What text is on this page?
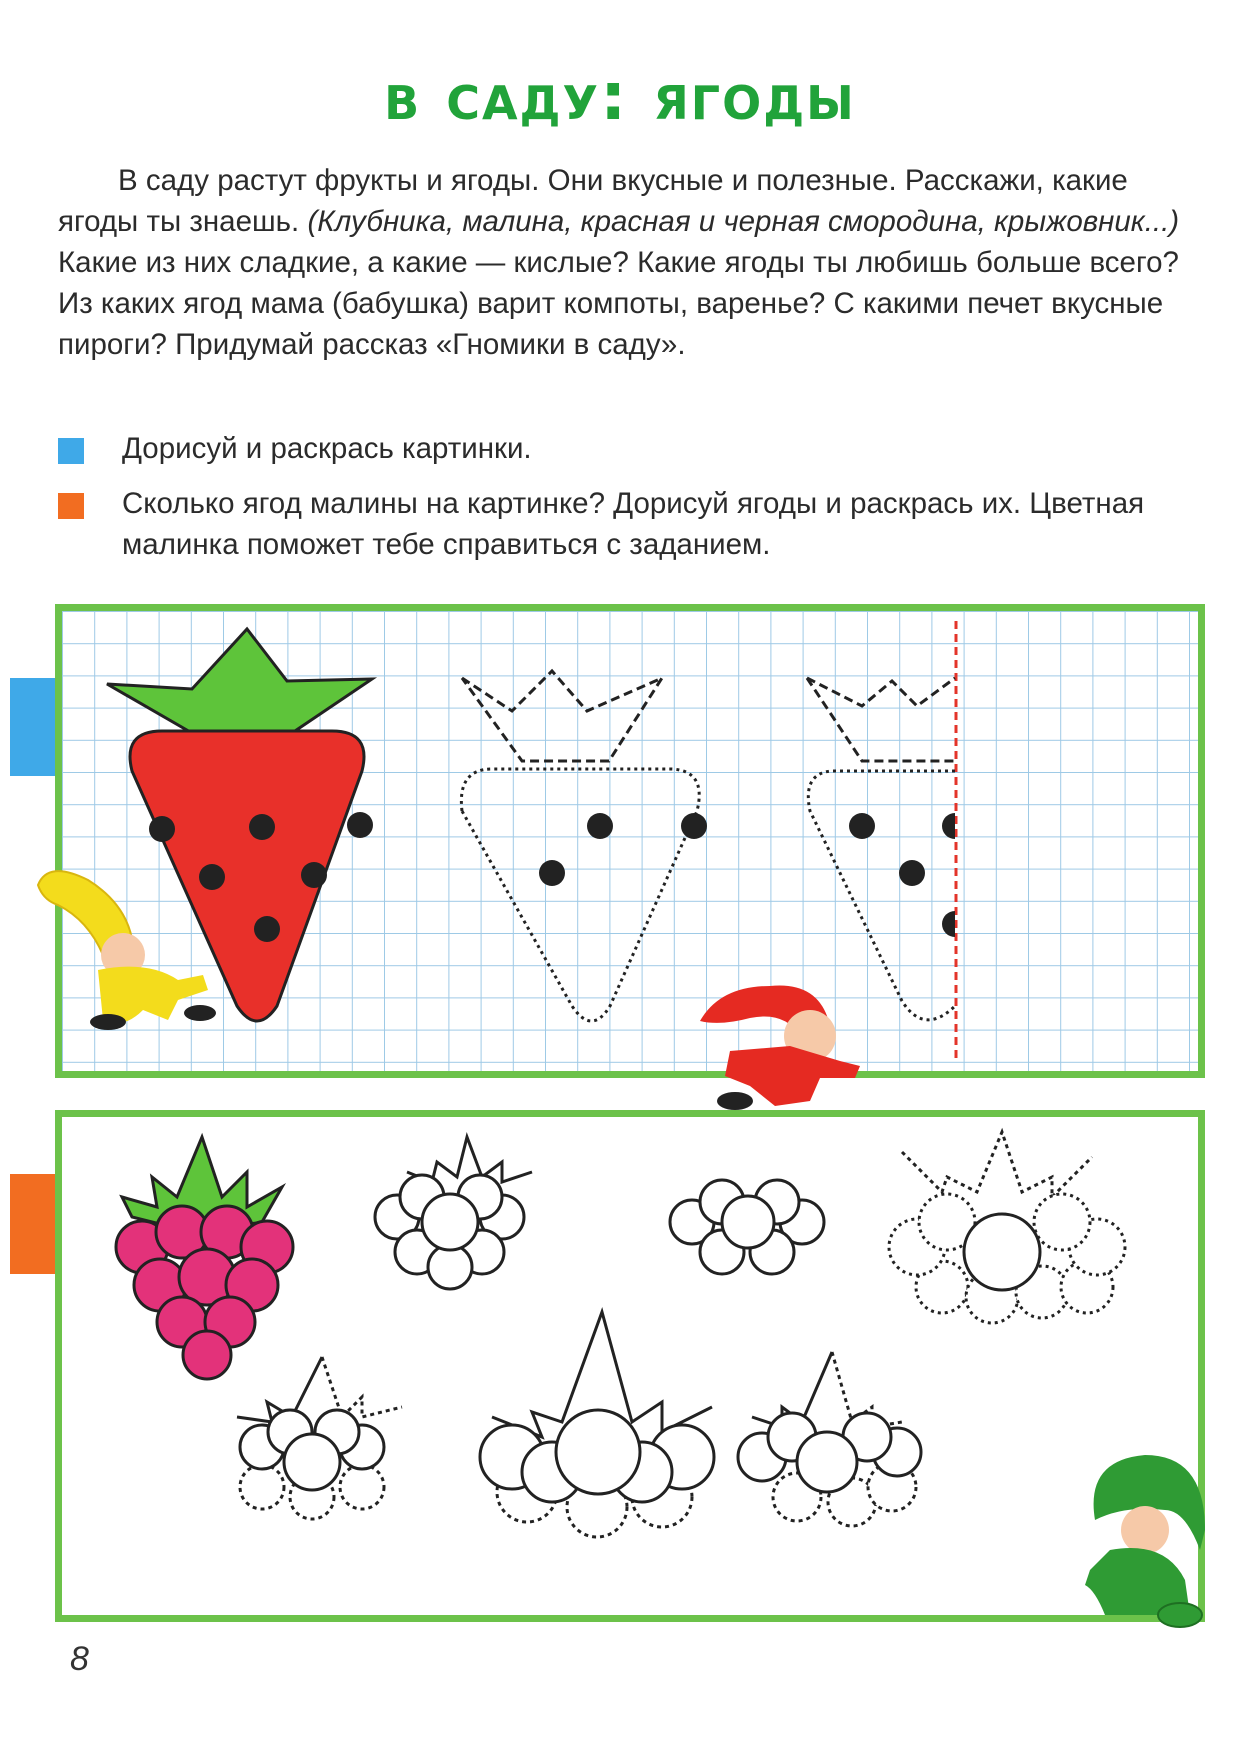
в саду: ягоды
В саду растут фрукты и ягоды. Они вкусные и полезные. Расскажи, какие ягоды ты знаешь. (Клубника, малина, красная и черная смородина, крыжовник...) Какие из них сладкие, а какие — кислые? Какие ягоды ты любишь больше всего? Из каких ягод мама (бабушка) варит компоты, варенье? С какими печет вкусные пироги? Придумай рассказ «Гномики в саду».
Дорисуй и раскрась картинки.
Сколько ягод малины на картинке? Дорисуй ягоды и раскрась их. Цветная малинка поможет тебе справиться с заданием.
8
